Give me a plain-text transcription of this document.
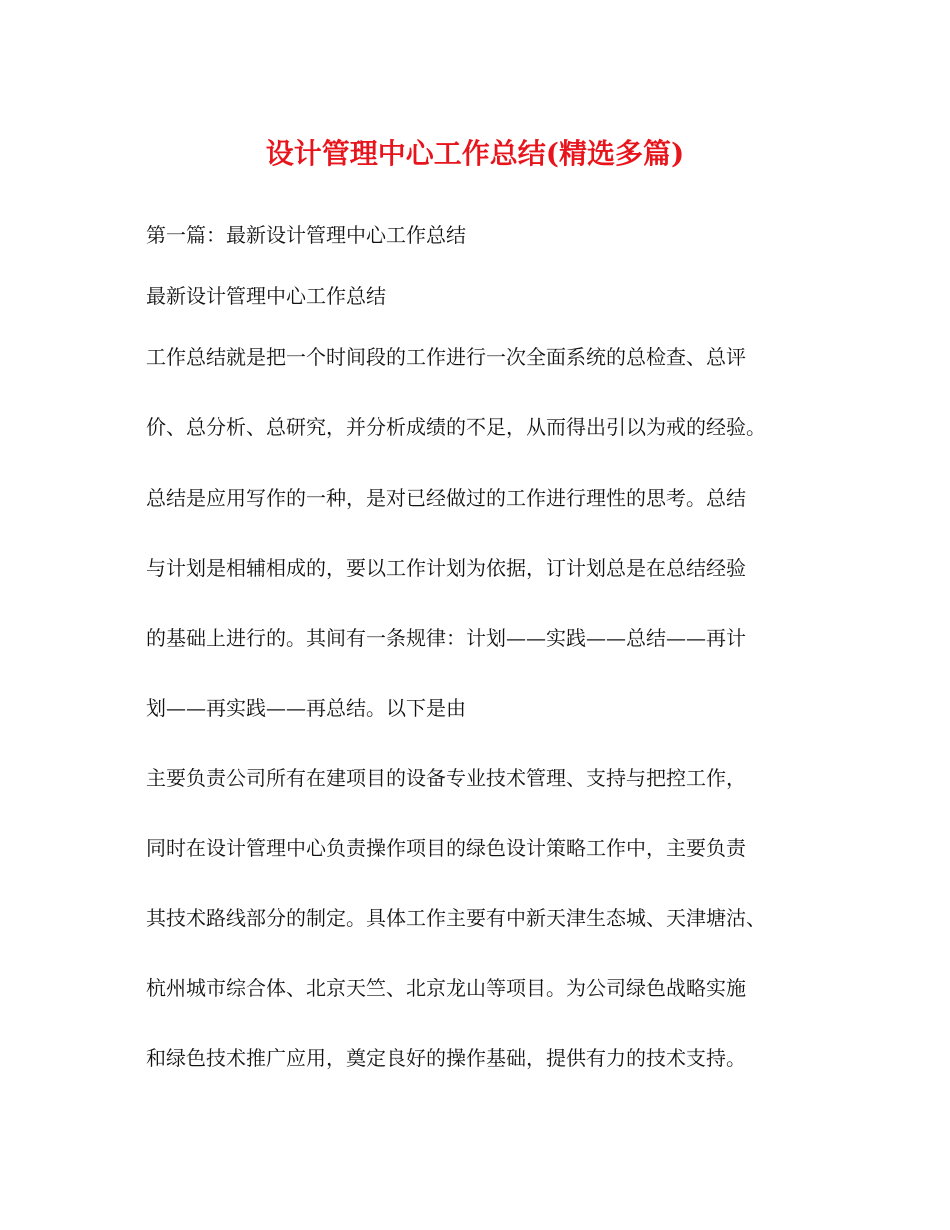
设计管理中心工作总结(精选多篇)
第一篇：最新设计管理中心工作总结
最新设计管理中心工作总结
工作总结就是把一个时间段的工作进行一次全面系统的总检查、总评
价、总分析、总研究，并分析成绩的不足，从而得出引以为戒的经验。
总结是应用写作的一种，是对已经做过的工作进行理性的思考。总结
与计划是相辅相成的，要以工作计划为依据，订计划总是在总结经验
的基础上进行的。其间有一条规律：计划——实践——总结——再计
划——再实践——再总结。以下是由
主要负责公司所有在建项目的设备专业技术管理、支持与把控工作，
同时在设计管理中心负责操作项目的绿色设计策略工作中，主要负责
其技术路线部分的制定。具体工作主要有中新天津生态城、天津塘沽、
杭州城市综合体、北京天竺、北京龙山等项目。为公司绿色战略实施
和绿色技术推广应用，奠定良好的操作基础，提供有力的技术支持。
